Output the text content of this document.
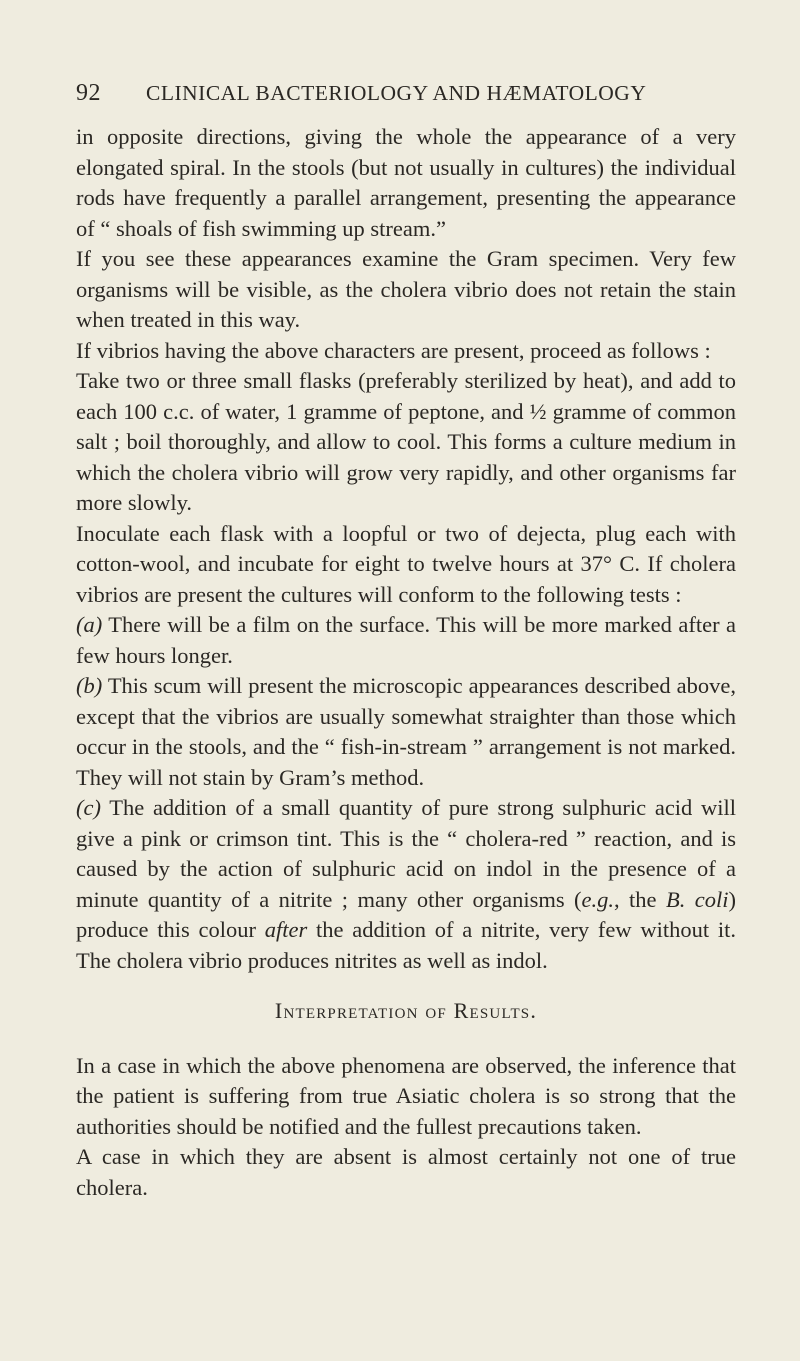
92 CLINICAL BACTERIOLOGY AND HÆMATOLOGY

in opposite directions, giving the whole the appearance of a very elongated spiral. In the stools (but not usually in cultures) the individual rods have frequently a parallel arrangement, presenting the appearance of “ shoals of fish swimming up stream.”

If you see these appearances examine the Gram specimen. Very few organisms will be visible, as the cholera vibrio does not retain the stain when treated in this way.

If vibrios having the above characters are present, proceed as follows :

Take two or three small flasks (preferably sterilized by heat), and add to each 100 c.c. of water, 1 gramme of peptone, and ½ gramme of common salt ; boil thoroughly, and allow to cool. This forms a culture medium in which the cholera vibrio will grow very rapidly, and other organisms far more slowly.

Inoculate each flask with a loopful or two of dejecta, plug each with cotton-wool, and incubate for eight to twelve hours at 37° C. If cholera vibrios are present the cultures will conform to the following tests :

(a) There will be a film on the surface. This will be more marked after a few hours longer.

(b) This scum will present the microscopic appearances described above, except that the vibrios are usually somewhat straighter than those which occur in the stools, and the “ fish-in-stream ” arrangement is not marked. They will not stain by Gram’s method.

(c) The addition of a small quantity of pure strong sulphuric acid will give a pink or crimson tint. This is the “ cholera-red ” reaction, and is caused by the action of sulphuric acid on indol in the presence of a minute quantity of a nitrite ; many other organisms (e.g., the B. coli) produce this colour after the addition of a nitrite, very few without it. The cholera vibrio produces nitrites as well as indol.

Interpretation of Results.

In a case in which the above phenomena are observed, the inference that the patient is suffering from true Asiatic cholera is so strong that the authorities should be notified and the fullest precautions taken.

A case in which they are absent is almost certainly not one of true cholera.
